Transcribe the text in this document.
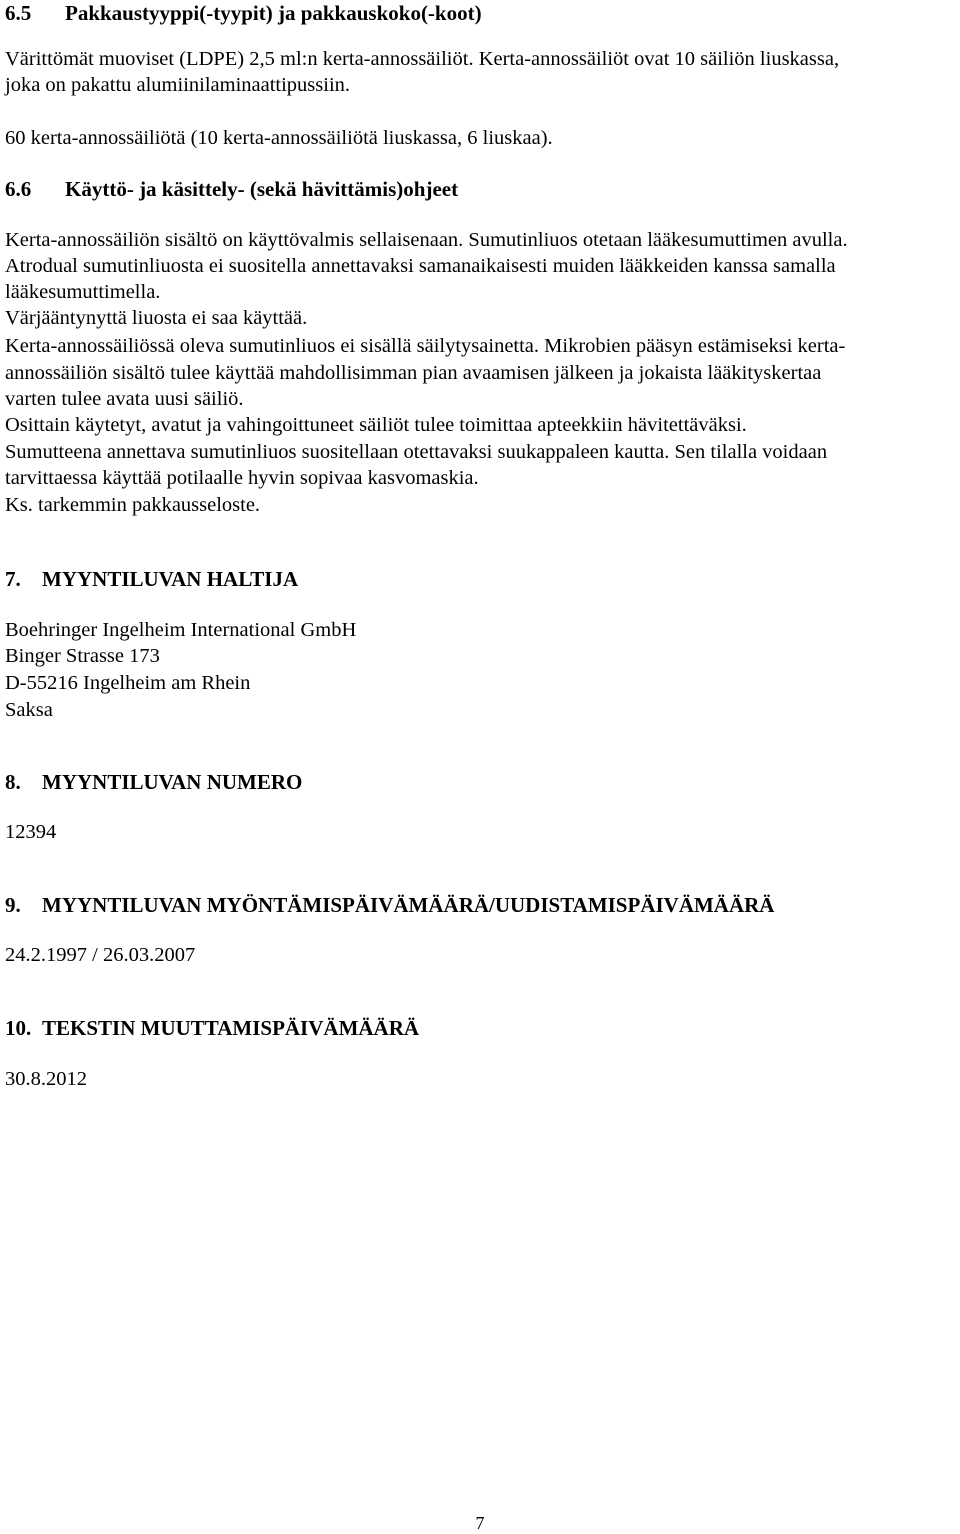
6.5 Pakkaustyyppi(-tyypit) ja pakkauskoko(-koot)
Värittömät muoviset (LDPE) 2,5 ml:n kerta-annossäiliöt. Kerta-annossäiliöt ovat 10 säiliön liuskassa,
joka on pakattu alumiinilaminaattipussiin.
60 kerta-annossäiliötä (10 kerta-annossäiliötä liuskassa, 6 liuskaa).
6.6 Käyttö- ja käsittely- (sekä hävittämis)ohjeet
Kerta-annossäiliön sisältö on käyttövalmis sellaisenaan. Sumutinliuos otetaan lääkesumuttimen avulla.
Atrodual sumutinliuosta ei suositella annettavaksi samanaikaisesti muiden lääkkeiden kanssa samalla
lääkesumuttimella.
Värjääntynyttä liuosta ei saa käyttää.
Kerta-annossäiliössä oleva sumutinliuos ei sisällä säilytysainetta. Mikrobien pääsyn estämiseksi kerta-
annossäiliön sisältö tulee käyttää mahdollisimman pian avaamisen jälkeen ja jokaista lääkityskertaa
varten tulee avata uusi säiliö.
Osittain käytetyt, avatut ja vahingoittuneet säiliöt tulee toimittaa apteekkiin hävitettäväksi.
Sumutteena annettava sumutinliuos suositellaan otettavaksi suukappaleen kautta. Sen tilalla voidaan
tarvittaessa käyttää potilaalle hyvin sopivaa kasvomaskia.
Ks. tarkemmin pakkausseloste.
7. MYYNTILUVAN HALTIJA
Boehringer Ingelheim International GmbH
Binger Strasse 173
D-55216 Ingelheim am Rhein
Saksa
8. MYYNTILUVAN NUMERO
12394
9. MYYNTILUVAN MYÖNTÄMISPÄIVÄMÄÄRÄ/UUDISTAMISPÄIVÄMÄÄRÄ
24.2.1997 / 26.03.2007
10. TEKSTIN MUUTTAMISPÄIVÄMÄÄRÄ
30.8.2012
7
